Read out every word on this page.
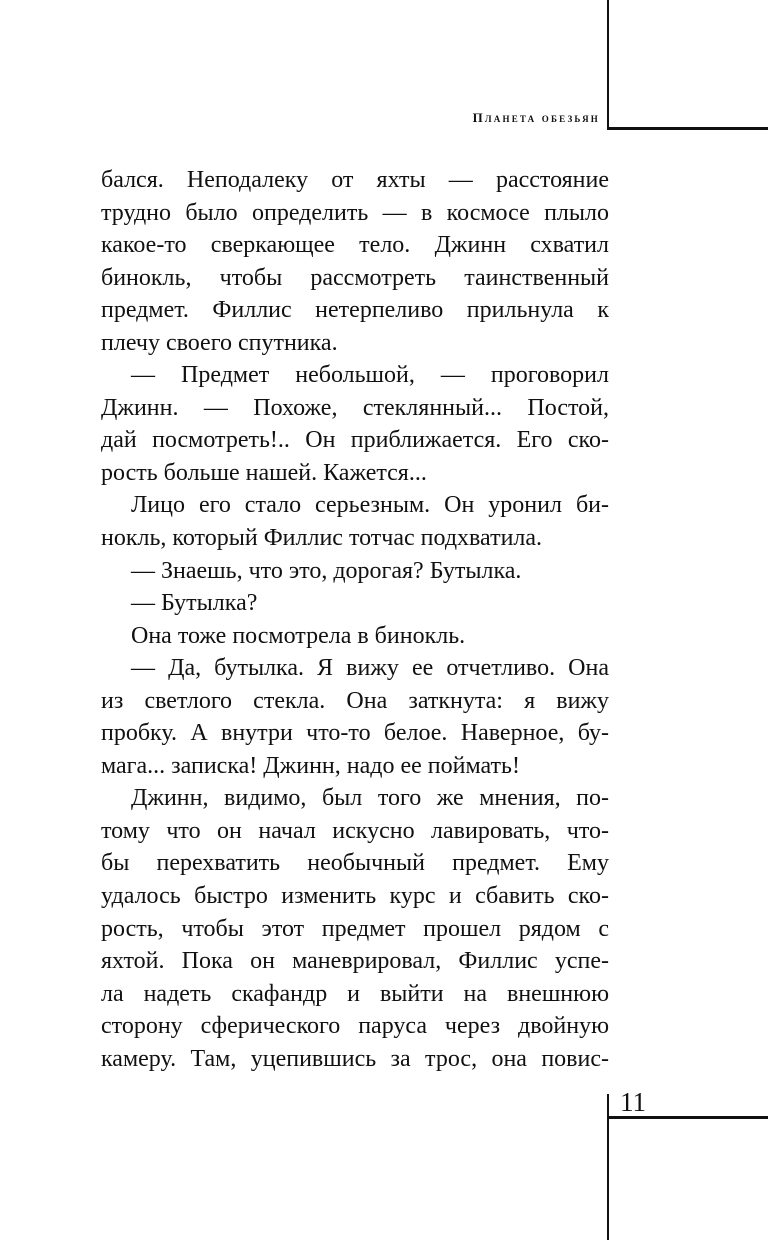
Планета обезьян
бался. Неподалеку от яхты — расстояние
трудно было определить — в космосе плыло
какое-то сверкающее тело. Джинн схватил
бинокль, чтобы рассмотреть таинственный
предмет. Филлис нетерпеливо прильнула к
плечу своего спутника.
— Предмет небольшой, — проговорил
Джинн. — Похоже, стеклянный... Постой,
дай посмотреть!.. Он приближается. Его ско-
рость больше нашей. Кажется...
Лицо его стало серьезным. Он уронил би-
нокль, который Филлис тотчас подхватила.
— Знаешь, что это, дорогая? Бутылка.
— Бутылка?
Она тоже посмотрела в бинокль.
— Да, бутылка. Я вижу ее отчетливо. Она
из светлого стекла. Она заткнута: я вижу
пробку. А внутри что-то белое. Наверное, бу-
мага... записка! Джинн, надо ее поймать!
Джинн, видимо, был того же мнения, по-
тому что он начал искусно лавировать, что-
бы перехватить необычный предмет. Ему
удалось быстро изменить курс и сбавить ско-
рость, чтобы этот предмет прошел рядом с
яхтой. Пока он маневрировал, Филлис успе-
ла надеть скафандр и выйти на внешнюю
сторону сферического паруса через двойную
камеру. Там, уцепившись за трос, она повис-
11
